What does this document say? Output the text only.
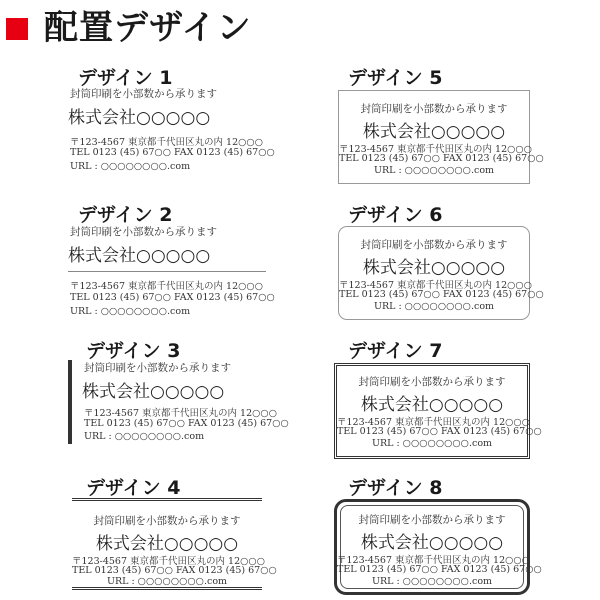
配置デザイン
デザイン 1
封筒印刷を小部数から承ります
株式会社○○○○○
〒123-4567 東京都千代田区丸の内 12○○○
TEL 0123 (45) 67○○ FAX 0123 (45) 67○○
URL : ○○○○○○○○.com
デザイン 2
封筒印刷を小部数から承ります
株式会社○○○○○
〒123-4567 東京都千代田区丸の内 12○○○
TEL 0123 (45) 67○○ FAX 0123 (45) 67○○
URL : ○○○○○○○○.com
デザイン 3
封筒印刷を小部数から承ります
株式会社○○○○○
〒123-4567 東京都千代田区丸の内 12○○○
TEL 0123 (45) 67○○ FAX 0123 (45) 67○○
URL : ○○○○○○○○.com
デザイン 4
封筒印刷を小部数から承ります
株式会社○○○○○
〒123-4567 東京都千代田区丸の内 12○○○
TEL 0123 (45) 67○○ FAX 0123 (45) 67○○
URL : ○○○○○○○○.com
デザイン 5
封筒印刷を小部数から承ります
株式会社○○○○○
〒123-4567 東京都千代田区丸の内 12○○○
TEL 0123 (45) 67○○ FAX 0123 (45) 67○○
URL : ○○○○○○○○.com
デザイン 6
封筒印刷を小部数から承ります
株式会社○○○○○
〒123-4567 東京都千代田区丸の内 12○○○
TEL 0123 (45) 67○○ FAX 0123 (45) 67○○
URL : ○○○○○○○○.com
デザイン 7
封筒印刷を小部数から承ります
株式会社○○○○○
〒123-4567 東京都千代田区丸の内 12○○○
TEL 0123 (45) 67○○ FAX 0123 (45) 67○○
URL : ○○○○○○○○.com
デザイン 8
封筒印刷を小部数から承ります
株式会社○○○○○
〒123-4567 東京都千代田区丸の内 12○○○
TEL 0123 (45) 67○○ FAX 0123 (45) 67○○
URL : ○○○○○○○○.com
